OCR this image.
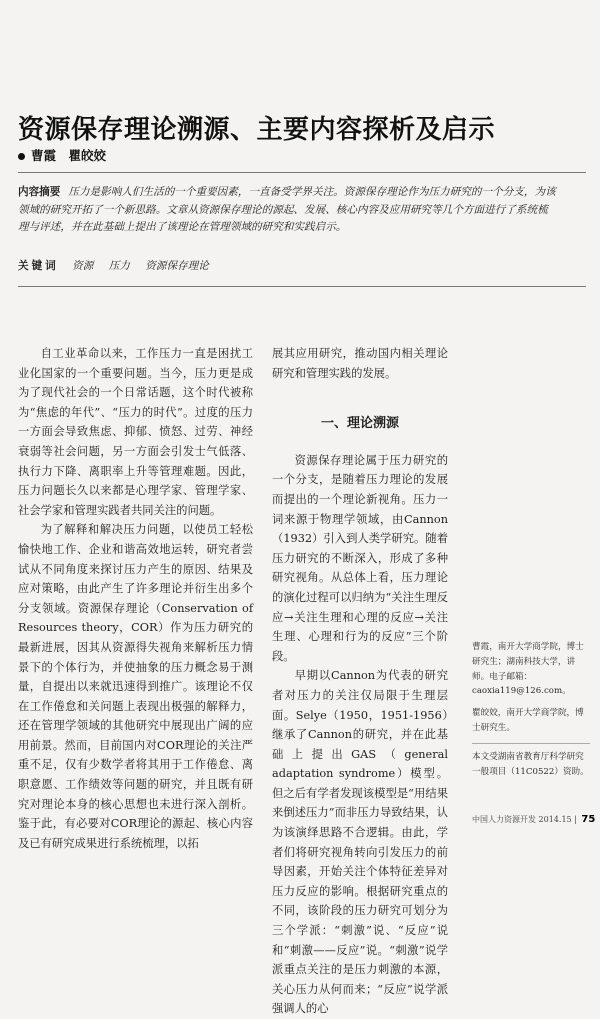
资源保存理论溯源、主要内容探析及启示
曹霞　瞿皎姣
内容摘要 压力是影响人们生活的一个重要因素，一直备受学界关注。资源保存理论作为压力研究的一个分支，为该领域的研究开拓了一个新思路。文章从资源保存理论的源起、发展、核心内容及应用研究等几个方面进行了系统梳理与评述，并在此基础上提出了该理论在管理领域的研究和实践启示。
关键词 资源 压力 资源保存理论

自工业革命以来，工作压力一直是困扰工业化国家的一个重要问题。当今，压力更是成为了现代社会的一个日常话题，这个时代被称为“焦虑的年代”、“压力的时代”。过度的压力一方面会导致焦虑、抑郁、愤怒、过劳、神经衰弱等社会问题，另一方面会引发士气低落、执行力下降、离职率上升等管理难题。因此，压力问题长久以来都是心理学家、管理学家、社会学家和管理实践者共同关注的问题。

为了解释和解决压力问题，以使员工轻松愉快地工作、企业和谐高效地运转，研究者尝试从不同角度来探讨压力产生的原因、结果及应对策略，由此产生了许多理论并衍生出多个分支领域。资源保存理论（Conservation of Resources theory，COR）作为压力研究的最新进展，因其从资源得失视角来解析压力情景下的个体行为，并使抽象的压力概念易于测量，自提出以来就迅速得到推广。该理论不仅在工作倦怠和关问题上表现出极强的解释力，还在管理学领域的其他研究中展现出广阔的应用前景。然而，目前国内对COR理论的关注严重不足，仅有少数学者将其用于工作倦怠、离职意愿、工作绩效等问题的研究，并且既有研究对理论本身的核心思想也未进行深入剖析。鉴于此，有必要对COR理论的源起、核心内容及已有研究成果进行系统梳理，以拓

展其应用研究，推动国内相关理论研究和管理实践的发展。

一、理论溯源

资源保存理论属于压力研究的一个分支，是随着压力理论的发展而提出的一个理论新视角。压力一词来源于物理学领域，由Cannon（1932）引入到人类学研究。随着压力研究的不断深入，形成了多种研究视角。从总体上看，压力理论的演化过程可以归纳为“关注生理反应→关注生理和心理的反应→关注生理、心理和行为的反应”三个阶段。

早期以Cannon为代表的研究者对压力的关注仅局限于生理层面。Selye（1950，1951-1956）继承了Cannon的研究，并在此基础上提出GAS（general adaptation syndrome）模型。但之后有学者发现该模型是“用结果来倒述压力”而非压力导致结果，认为该演绎思路不合逻辑。由此，学者们将研究视角转向引发压力的前导因素，开始关注个体特征差异对压力反应的影响。根据研究重点的不同，该阶段的压力研究可划分为三个学派：“刺激”说、“反应”说和“刺激——反应”说。“刺激”说学派重点关注的是压力刺激的本源，关心压力从何而来；“反应”说学派强调人的心

曹霞，南开大学商学院，博士研究生；湖南科技大学，讲师。电子邮箱：caoxia119@126.com。

瞿皎姣，南开大学商学院，博士研究生。

本文受湖南省教育厅科学研究一般项目（11C0522）资助。

中国人力资源开发 2014.15 | 75
